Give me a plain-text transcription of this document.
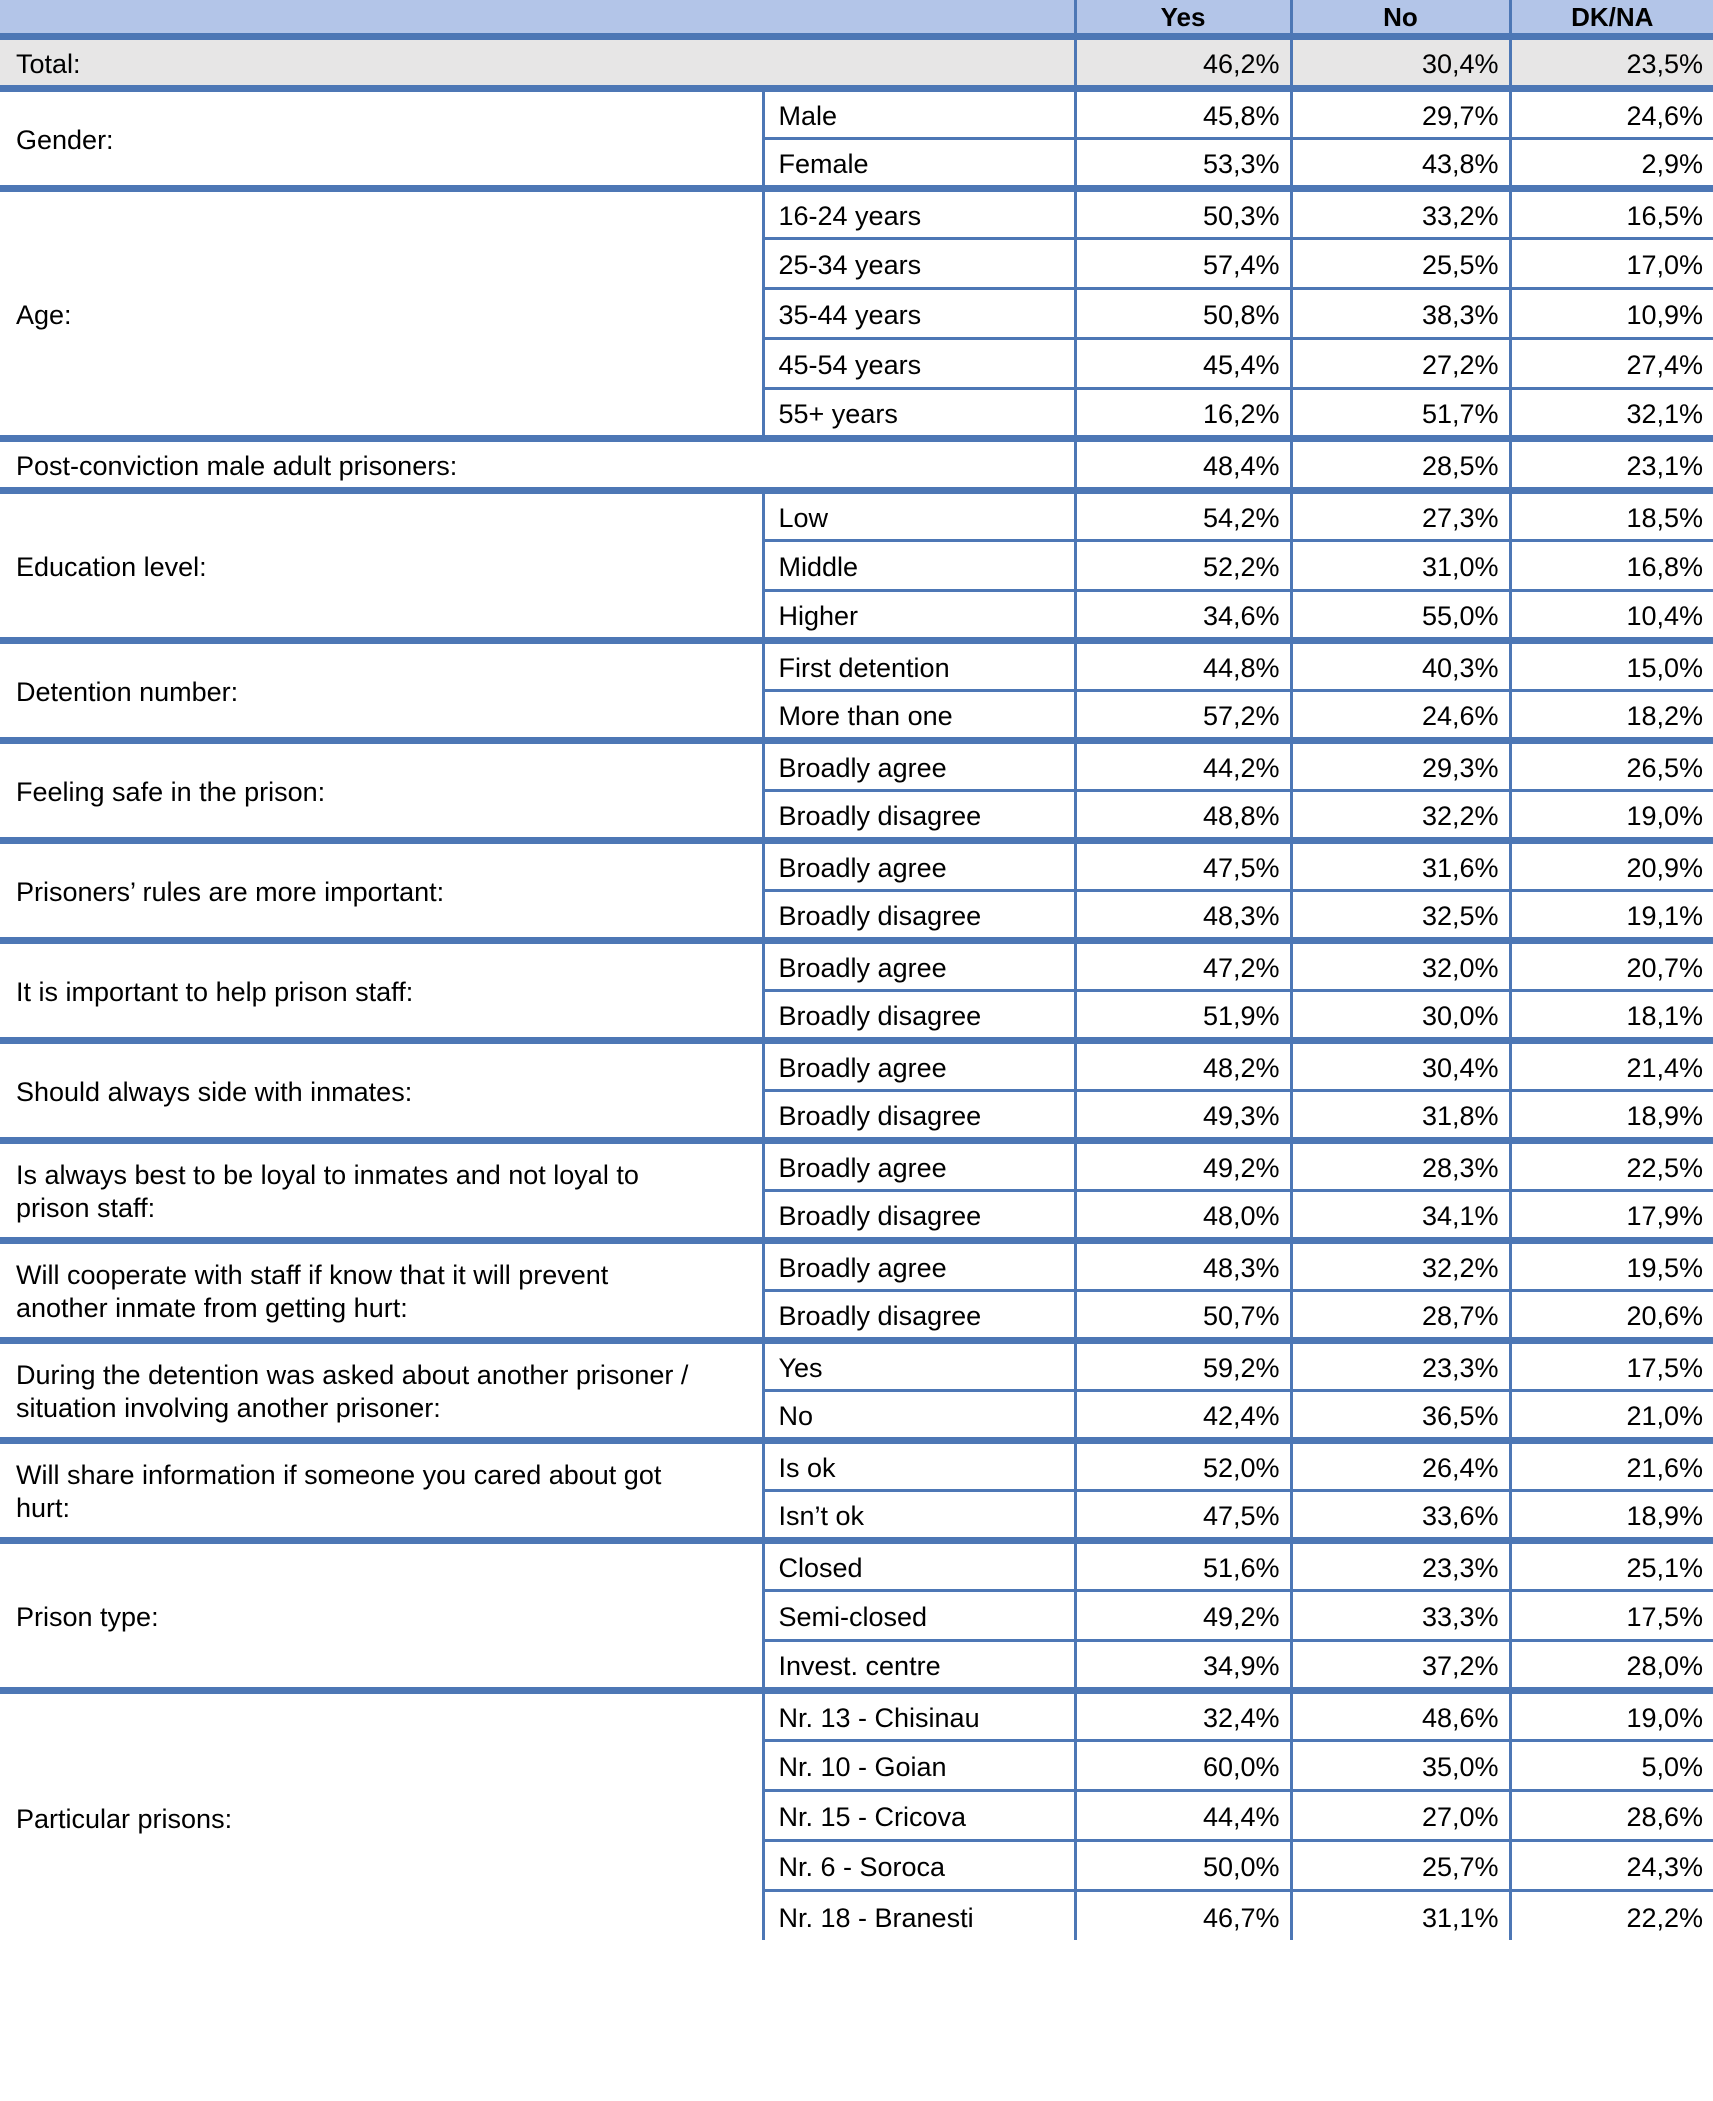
		Yes	No	DK/NA
Total:		46,2%	30,4%	23,5%
Gender:	Male	45,8%	29,7%	24,6%
	Female	53,3%	43,8%	2,9%
Age:	16-24 years	50,3%	33,2%	16,5%
	25-34 years	57,4%	25,5%	17,0%
	35-44 years	50,8%	38,3%	10,9%
	45-54 years	45,4%	27,2%	27,4%
	55+ years	16,2%	51,7%	32,1%
Post-conviction male adult prisoners:		48,4%	28,5%	23,1%
Education level:	Low	54,2%	27,3%	18,5%
	Middle	52,2%	31,0%	16,8%
	Higher	34,6%	55,0%	10,4%
Detention number:	First detention	44,8%	40,3%	15,0%
	More than one	57,2%	24,6%	18,2%
Feeling safe in the prison:	Broadly agree	44,2%	29,3%	26,5%
	Broadly disagree	48,8%	32,2%	19,0%
Prisoners’ rules are more important:	Broadly agree	47,5%	31,6%	20,9%
	Broadly disagree	48,3%	32,5%	19,1%
It is important to help prison staff:	Broadly agree	47,2%	32,0%	20,7%
	Broadly disagree	51,9%	30,0%	18,1%
Should always side with inmates:	Broadly agree	48,2%	30,4%	21,4%
	Broadly disagree	49,3%	31,8%	18,9%
Is always best to be loyal to inmates and not loyal to prison staff:	Broadly agree	49,2%	28,3%	22,5%
	Broadly disagree	48,0%	34,1%	17,9%
Will cooperate with staff if know that it will prevent another inmate from getting hurt:	Broadly agree	48,3%	32,2%	19,5%
	Broadly disagree	50,7%	28,7%	20,6%
During the detention was asked about another prisoner / situation involving another prisoner:	Yes	59,2%	23,3%	17,5%
	No	42,4%	36,5%	21,0%
Will share information if someone you cared about got hurt:	Is ok	52,0%	26,4%	21,6%
	Isn’t ok	47,5%	33,6%	18,9%
Prison type:	Closed	51,6%	23,3%	25,1%
	Semi-closed	49,2%	33,3%	17,5%
	Invest. centre	34,9%	37,2%	28,0%
Particular prisons:	Nr. 13 - Chisinau	32,4%	48,6%	19,0%
	Nr. 10 - Goian	60,0%	35,0%	5,0%
	Nr. 15 - Cricova	44,4%	27,0%	28,6%
	Nr. 6 - Soroca	50,0%	25,7%	24,3%
	Nr. 18 - Branesti	46,7%	31,1%	22,2%
